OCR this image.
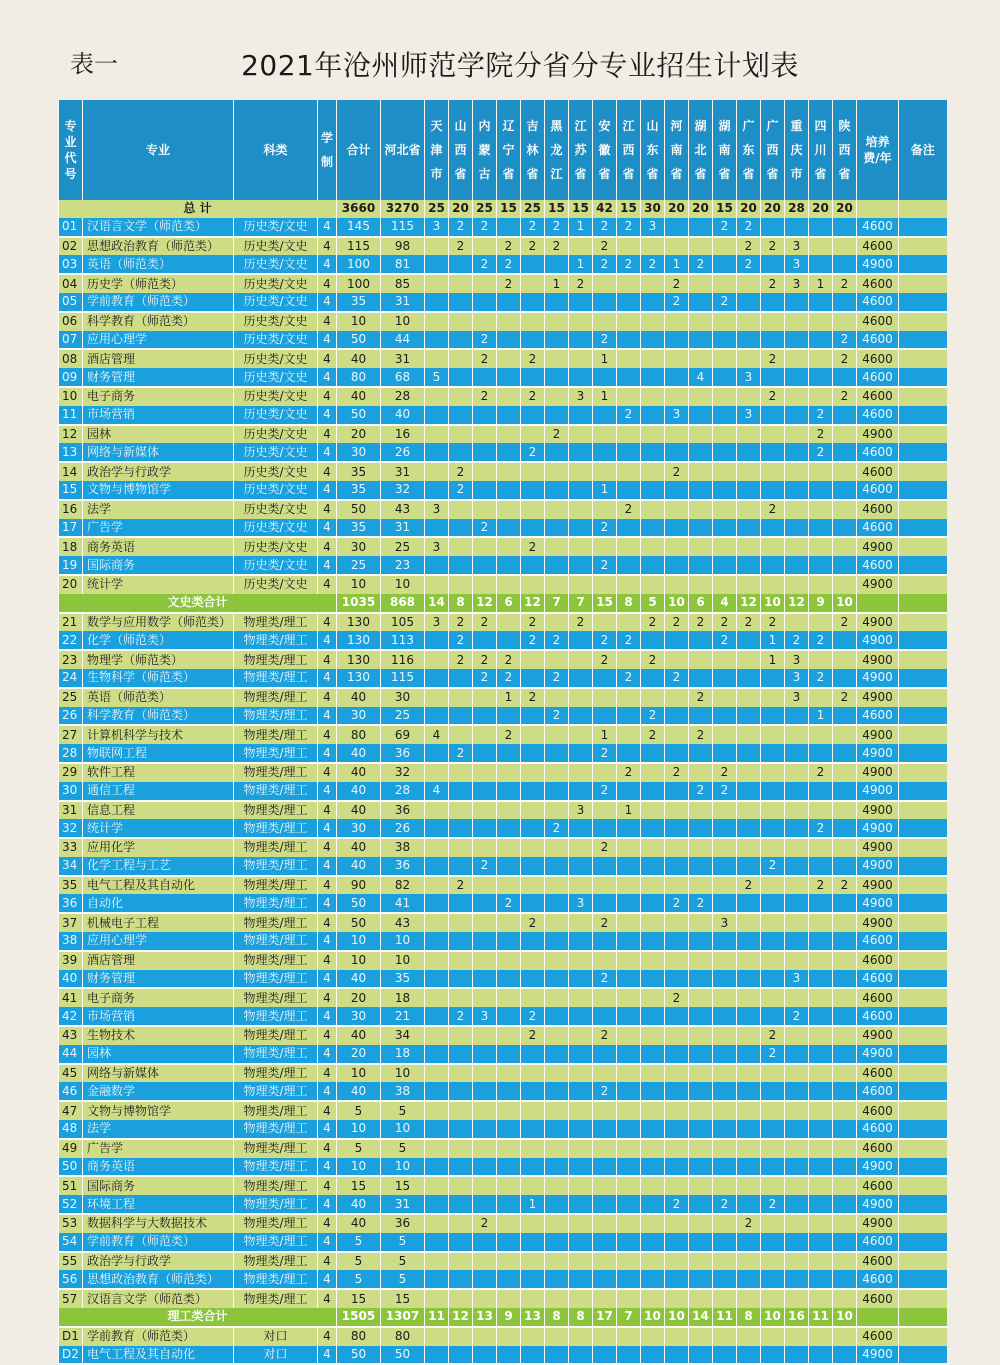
表一	2021年沧州师范学院分省分专业招生计划表
专业代号	专业	科类	学制	合计	河北省	天津市	山西省	内蒙古	辽宁省	吉林省	黑龙江	江苏省	安徽省	江西省	山东省	河南省	湖北省	湖南省	广东省	广西省	重庆市	四川省	陕西省	培养费/年	备注
总 计				3660	3270	25	20	25	15	25	15	15	42	15	30	20	20	15	20	20	28	20	20		
01	汉语言文学（师范类）	历史类/文史	4	145	115	3	2	2		2	2	1	2	2	3			2	2					4600	
02	思想政治教育（师范类）	历史类/文史	4	115	98		2		2	2	2		2						2	2	3			4600	
03	英语（师范类）	历史类/文史	4	100	81			2	2			1	2	2	2	1	2		2		3			4900	
04	历史学（师范类）	历史类/文史	4	100	85				2		1	2				2				2	3	1	2	4600	
05	学前教育（师范类）	历史类/文史	4	35	31											2		2						4600	
06	科学教育（师范类）	历史类/文史	4	10	10																			4600	
07	应用心理学	历史类/文史	4	50	44			2					2										2	4600	
08	酒店管理	历史类/文史	4	40	31			2		2			1							2			2	4600	
09	财务管理	历史类/文史	4	80	68	5											4		3					4600	
10	电子商务	历史类/文史	4	40	28			2		2		3	1							2			2	4600	
11	市场营销	历史类/文史	4	50	40									2		3			3			2		4600	
12	园林	历史类/文史	4	20	16						2											2		4900	
13	网络与新媒体	历史类/文史	4	30	26					2												2		4600	
14	政治学与行政学	历史类/文史	4	35	31		2									2								4600	
15	文物与博物馆学	历史类/文史	4	35	32		2						1											4600	
16	法学	历史类/文史	4	50	43	3								2						2				4600	
17	广告学	历史类/文史	4	35	31			2					2											4600	
18	商务英语	历史类/文史	4	30	25	3				2														4900	
19	国际商务	历史类/文史	4	25	23								2											4600	
20	统计学	历史类/文史	4	10	10																			4900	
文史类合计				1035	868	14	8	12	6	12	7	7	15	8	5	10	6	4	12	10	12	9	10		
21	数学与应用数学（师范类）	物理类/理工	4	130	105	3	2	2		2		2			2	2	2	2	2	2			2	4900	
22	化学（师范类）	物理类/理工	4	130	113		2			2	2		2	2				2		1	2	2		4900	
23	物理学（师范类）	物理类/理工	4	130	116		2	2	2				2		2					1	3			4900	
24	生物科学（师范类）	物理类/理工	4	130	115			2	2		2			2		2					3	2		4900	
25	英语（师范类）	物理类/理工	4	40	30				1	2							2				3		2	4900	
26	科学教育（师范类）	物理类/理工	4	30	25						2				2							1		4600	
27	计算机科学与技术	物理类/理工	4	80	69	4			2				1		2		2							4900	
28	物联网工程	物理类/理工	4	40	36		2						2											4900	
29	软件工程	物理类/理工	4	40	32									2		2		2				2		4900	
30	通信工程	物理类/理工	4	40	28	4							2				2	2						4900	
31	信息工程	物理类/理工	4	40	36							3		1										4900	
32	统计学	物理类/理工	4	30	26						2											2		4900	
33	应用化学	物理类/理工	4	40	38								2											4900	
34	化学工程与工艺	物理类/理工	4	40	36			2												2				4900	
35	电气工程及其自动化	物理类/理工	4	90	82		2												2			2	2	4900	
36	自动化	物理类/理工	4	50	41				2			3				2	2							4900	
37	机械电子工程	物理类/理工	4	50	43					2			2					3						4900	
38	应用心理学	物理类/理工	4	10	10																			4600	
39	酒店管理	物理类/理工	4	10	10																			4600	
40	财务管理	物理类/理工	4	40	35								2								3			4600	
41	电子商务	物理类/理工	4	20	18											2								4600	
42	市场营销	物理类/理工	4	30	21		2	3		2											2			4600	
43	生物技术	物理类/理工	4	40	34					2			2							2				4900	
44	园林	物理类/理工	4	20	18															2				4900	
45	网络与新媒体	物理类/理工	4	10	10																			4600	
46	金融数学	物理类/理工	4	40	38								2											4600	
47	文物与博物馆学	物理类/理工	4	5	5																			4600	
48	法学	物理类/理工	4	10	10																			4600	
49	广告学	物理类/理工	4	5	5																			4600	
50	商务英语	物理类/理工	4	10	10																			4900	
51	国际商务	物理类/理工	4	15	15																			4600	
52	环境工程	物理类/理工	4	40	31					1						2		2		2				4900	
53	数据科学与大数据技术	物理类/理工	4	40	36			2											2					4900	
54	学前教育（师范类）	物理类/理工	4	5	5																			4600	
55	政治学与行政学	物理类/理工	4	5	5																			4600	
56	思想政治教育（师范类）	物理类/理工	4	5	5																			4600	
57	汉语言文学（师范类）	物理类/理工	4	15	15																			4600	
理工类合计				1505	1307	11	12	13	9	13	8	8	17	7	10	10	14	11	8	10	16	11	10		
D1	学前教育（师范类）	对口	4	80	80																			4600	
D2	电气工程及其自动化	对口	4	50	50																			4900	
